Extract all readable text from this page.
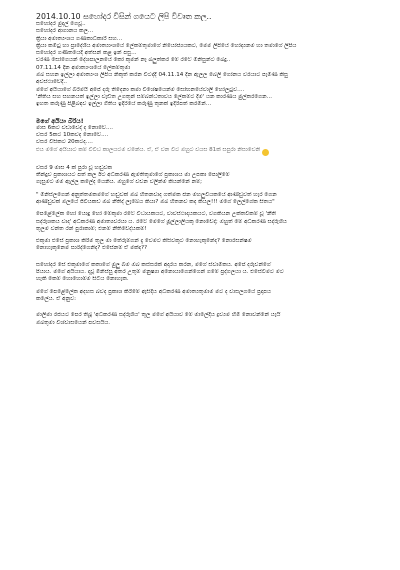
2014.10.10 සහෝදර විසින් ගයෙට ලිපි විවෘත කල..
සහෝදර මුදල් ගෙවූ..
සහෝදර ආගානය කල...
ක්‍රියා අමාත්‍යංශය ගණකාධිකාරී සහ...
ක්‍රියා කමිටු හා ප්‍රාදේශීය අමාත්‍යාංශයේ ලේකම්තුමාගේ නියෝජ්‍යයකට, මෙම ලිපියේ හෝද්‍යනම හා තමාගේ ලිපිය
සහෝදර ගණිතයෙදී අත්සන් කළ ඉන් පසු...
චරණ සෝගෙයන් දේශපාලනයේ කෝ කුමන් නෑ බලුත්කර මේ රටේ මිනිසුන්ට බෙදු..
07.11.14 දින අමාත්‍යංශයේ ලේකම්තුමා
ඔබ සහන ඉල්ලා අමාත්‍යංශ ලිපිය නිකුත් කරන විටද්දී 04.11.14 දින ඇලල බෙලි ගෝනය වරයාට පැමිණ කිසු
අවස්ථාවේදී..
මගේ අයියාගේ බිරිමයි අපේ දරු තිදෙනා කමා විශේෂයෙන්ම සෝභනයේවාලි හෝලටුව....
'නීතිය සහ සහනයත් ඉල්ලා වැඩිත උගතුන් සම්බන්ධතාවය ලේකම්ට දීම' යන කාරණය මුල්කරගෙන...
ඉහත කරුණු පිළිබඳව ඉල්ලා ගීතිය ඉදිරියේ කරුණු තුනක් ඉදිරිපත් කරමින්...
මගේ අයියා බිරිය!
මාස 6කට වඩාවෙද් ද නොවේ....
වසර 5කට 10කවද නොවේ....
වසර විසිකට 20කටද....
එය මගේ අයියාට කම් විවිධ කාලයටම වනේය. ඒ, ඒ වන විට ඔහුට වයස 81ක් සපුරා නිසාවෙනි
වසර 9 මාස 4 ක් පුරා වූ හඬුවක
තීන්දුව ප්‍රකාශයට පත් කල ඊට අධිකරණ ඇමතිතුමාගේ ප්‍රකාශය මා උපකා පොලිමේ
ගැසුමට මම ඇල්ල කලේද යෙනිය. ඔහුගේ වචන වලින්ම කියන්නේ නම්;
" මිනිස්ලගෙන් අනුත්තමකමගේ හඬුවක් ඔබ හිතනවාද ගත්මක ජන මහලුවියකයේ ආණ්ඩුවත් හැර ගෙන
ආණ්ඩුවක් ඔලයේ ජීවියකඩ ඔබ නීතිද් ලැබේය කියා? ඔබ හිතනව කද කියල!!! මගේ ලෙල්ගේක සිතය"
පෙළේලේක හෝ යොදු හෝ මේකුමා රටේ විධායකයට, වාවස්ථාදායකයට, වගකියන උක්තවීකම් වූ 'නීති
සද්රුශකය වාද' අධිකරණ අමාත්‍යවරයා ය. රටේ මෙගේ මූල්ලාලියකු නොවේද්; ඔහුත් මේ අධිකරණ සද්රුශිය
තුලම වන්ත රන් පුරාකාම්; එනම් නීතිවේද්යකම්!
එකුමා එසේ ප්‍රකාශ කිරීම තුල මා තේරුම්ගන් දැ වෙමට කිසිවකුට නොහැකුනේද? නොරසන්ෂම
නොහැකුනෙම ඝාරිද්ගෙනිද? එසේනම් ඒ මක්ද??
සහෝදර සේ එකුමාගේ කතාගේ මුලු බීම ඔබ කස්සරක් අදාරය කරන, මගේ ස්වාමිකය. අපේ දරුවන්ගේ
පියාය. මගේ අයියාය. දවූ මිනිස්සු අතර උතුම් මනුෂ්‍යා අනොයාගෙන්ගෙන් ගමේ ප්‍රද්ගලයා ය. එසේවීමට මට
හැකි කෙම් හොහොම්ම සිටිය නොහැක.
මගේ පෙළේලේක අදහස බවද ප්‍රකාශ කිරීමේ ඇසිදිය අධිකරණ අමාත්‍යතුමාම මට ද වාසලගයේ ප්‍රදාපය
කලේය. ඒ අනුව:
මාලිමා රජයට පෙර තිබූ 'අධිකරණ සද්රුශිය' තුල මගේ අයියාව මේ මාලේදීය ද්‍රව්‍යම හිමි නොවන්නේ යැයි
ඔබතුමා විශ්වාසයෙන් පවසයිය.
